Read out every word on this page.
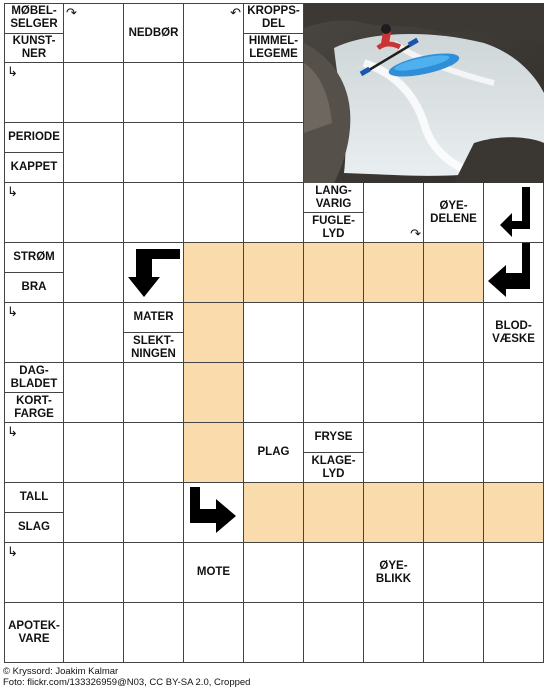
MØBEL-
SELGER
KUNST-
NER
↷
NEDBØR
↶ KROPPS-
DEL
HIMMEL-
LEGEME
↳
PERIODE
KAPPET
↳	LANG-
VARIG
FUGLE-
LYD	↷
ØYE-
DELENE
STRØM
BRA
↳	MATER
SLEKT-
NINGEN
BLOD-
VÆSKE
DAG-
BLADET
KORT-
FARGE
↳
PLAG
FRYSE
KLAGE-
LYD
TALL
SLAG
↳
MOTE
ØYE-
BLIKK
APOTEK-
VARE
© Kryssord: Joakim Kalmar
Foto: flickr.com/133326959@N03, CC BY-SA 2.0, Cropped
